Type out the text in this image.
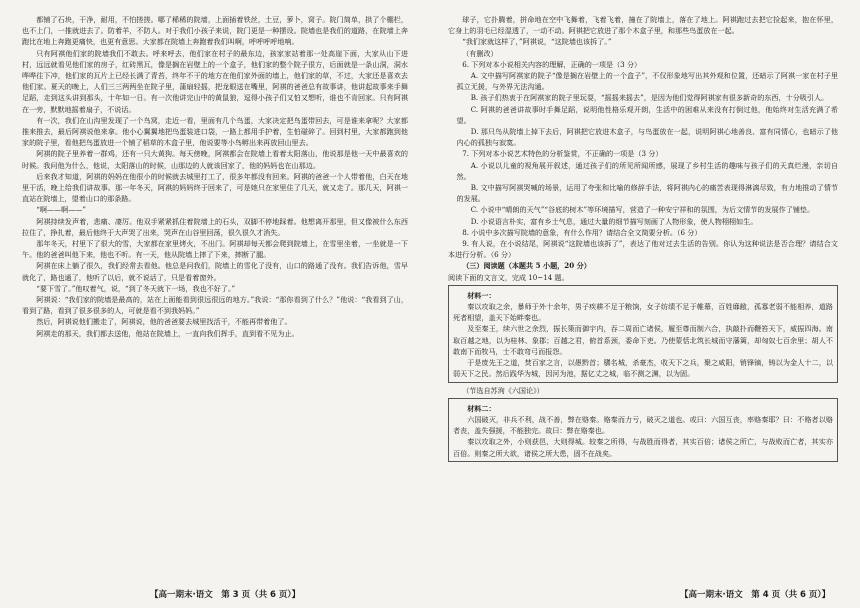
都铺了石块，干净，耐用，不怕搓搓。哪了稀稀的院墙，上面插着铁丝，土豆，萝卜，窝子。院门简单，拱了个棚栏，也不上门，一推就进去了。防着羊，不防人。对于我们小孩子来说，院门更是一种摆设。院墙也是我们的道路，在院墙上奔跑比在地上奔跑更痛快，也更有意思。大家都在院墙上奔跑着我们叫啊，呼呼呼呼地响。

只有阿祺他们家的院墙我们不敢去。呼来呼去，他们家在村子的最东边，孩家家站着那一处高崖下面，大家从山下进村，远远就看见他们家的房子，红砖黑瓦，像是搁在岩壁上的一个盒子，他们家的整个院子很方，后面就是一条山洞，洞水哗哗往下冲，他们家的瓦片上已经长满了青苔，终年不干的地方在他们家外面的墙上，他们家的草，不过，大家还是喜欢去他们家。夏天的晚上，人们三三两两坐在院子里，蒲扇轻摇，把龙眼送在嘴里，阿祺的爸爸总有故事讲，他讲起故事来手舞足蹈，走到这头讲到那头，十年如一日。有一次他讲完山中的黄鼠狼，逗得小孩子们又怕又想听，谁也不肯回家。只有阿祺在一旁，默默地摇着扇子，不说话。

有一次，我们在山沟里发现了一个鸟窝，走近一看，里面有几个鸟蛋，大家决定把鸟蛋带回去，可是谁来拿呢？大家都推来推去，最后阿祺说他来拿。他小心翼翼地把鸟蛋装进口袋，一路上都用手护着，生怕碰碎了。回到村里，大家都跑到他家的院子里，看他把鸟蛋放进一个铺了稻草的木盒子里，他说要等小鸟孵出来再放回山里去。

阿祺的院子里养着一群鸡，还有一只大黄狗。每天傍晚，阿祺都会在院墙上看着太阳落山，他说那是他一天中最喜欢的时候。我问他为什么，他说，太阳落山的时候，山那边的人就该回家了，他的妈妈也在山那边。

后来我才知道，阿祺的妈妈在他很小的时候就去城里打工了，很多年都没有回来。阿祺的爸爸一个人带着他，白天在地里干活，晚上给我们讲故事。那一年冬天，阿祺的妈妈终于回来了，可是她只在家里住了几天，就又走了。那几天，阿祺一直站在院墙上，望着山口的那条路。

“啊——啊——”

阿祺持续发声着，悲痛、凄厉。他双手紧紧抓住着院墙上的石头，双脚不停地踩着。他想离开那里，但又像被什么东西拉住了，挣扎着，最后他终于大声哭了出来，哭声在山谷里回荡，很久很久才消失。

那年冬天，村里下了很大的雪，大家都在家里烤火，不出门。阿祺却每天都会爬到院墙上，在雪里坐着，一坐就是一下午。他的爸爸叫他下来，他也不听。有一天，他从院墙上摔了下来，摔断了腿。

阿祺在床上躺了很久，我们经常去看他。他总是问我们，院墙上的雪化了没有，山口的路通了没有。我们告诉他，雪早就化了，路也通了，他听了以后，就不说话了，只是看着窗外。

“要下雪了。”他叹着气，说，“到了冬天就下一场，我也不好了。”

阿祺说：“我们家的院墙是最高的，站在上面能看到很远很远的地方。”我说：“那你看到了什么？”他说：“我看到了山，看到了路，看到了很多很多的人，可就是看不到我妈妈。”

然后，阿祺说他们搬走了，阿祺说，他的爸爸要去城里找活干，不能再带着他了。

阿祺走的那天，我们都去送他，他站在院墙上，一直向我们挥手，直到看不见为止。

【高一期末·语文　第 3 页（共 6 页）】

球子，它扑腾着，拼命地在空中飞舞着，飞着飞着，撞在了院墙上，落在了地上。阿祺跑过去把它捡起来，抱在怀里，它身上的羽毛已经湿透了，一动不动。阿祺把它放进了那个木盒子里，和那些鸟蛋放在一起。

“我们家就这样了，”阿祺说，“这院墙也该拆了。”

（有删改）

6. 下列对本小说相关内容的理解，正确的一项是（3 分）

A. 文中描写阿祺家的院子“像是搁在岩壁上的一个盒子”，不仅形象地写出其外观和位置，还暗示了阿祺一家在村子里孤立无援，与外界无法沟通。

B. 孩子们热衷于在阿祺家的院子里玩耍，“摇摇来摇去”，是因为他们觉得阿祺家有很多新奇的东西，十分吸引人。

C. 阿祺的爸爸讲故事时手舞足蹈，说明他性格乐观开朗，生活中的困难从来没有打倒过他，他始终对生活充满了希望。

D. 那只鸟从院墙上掉下去后，阿祺把它放进木盒子，与鸟蛋放在一起，说明阿祺心地善良、富有同情心，也暗示了他内心的孤独与寂寞。

7. 下列对本小说艺术特色的分析鉴赏，不正确的一项是（3 分）

A. 小说以儿童的视角展开叙述，通过孩子们的所见所闻所感，展现了乡村生活的趣味与孩子们的天真烂漫，亲切自然。

B. 文中描写阿祺哭喊的场景，运用了夸张和比喻的修辞手法，将阿祺内心的痛苦表现得淋漓尽致，有力地推动了情节的发展。

C. 小说中“晴朗的天气”“谷底的树木”等环境描写，营造了一种安宁祥和的氛围，为后文情节的发展作了铺垫。

D. 小说语言朴实，富有乡土气息，通过大量的细节描写刻画了人物形象，使人物栩栩如生。

8. 小说中多次描写院墙的意象，有什么作用？请结合全文简要分析。（6 分）

9. 有人说，在小说结尾，阿祺说“这院墙也该拆了”，表达了他对过去生活的告别。你认为这种说法是否合理？请结合文本进行分析。（6 分）

（三）阅读题（本题共 5 小题，20 分）

阅读下面的文言文，完成 10~14 题。

材料一：

秦以攻取之余，暴师于外十余年，男子疾耕不足于粮饷，女子纺绩不足于帷幕，百姓靡敝，孤寡老弱不能相养，道路死者相望，盖天下始畔秦也。

及至秦王，续六世之余烈，振长策而御宇内，吞二周而亡诸侯，履至尊而制六合，执敲扑而鞭笞天下，威振四海。南取百越之地，以为桂林、象郡；百越之君，俯首系颈，委命下吏。乃使蒙恬北筑长城而守藩篱，却匈奴七百余里；胡人不敢南下而牧马，士不敢弯弓而报怨。

于是废先王之道，焚百家之言，以愚黔首；隳名城，杀豪杰，收天下之兵，聚之咸阳，销锋镝，铸以为金人十二，以弱天下之民。然后践华为城，因河为池，据亿丈之城，临不测之渊，以为固。

（节选自苏洵《六国论》）

材料二：

六国破灭，非兵不利，战不善，弊在赂秦。赂秦而力亏，破灭之道也。或曰：六国互丧，率赂秦耶？曰：不赂者以赂者丧，盖失强援，不能独完。故曰：弊在赂秦也。

秦以攻取之外，小则获邑，大则得城。较秦之所得，与战胜而得者，其实百倍；诸侯之所亡，与战败而亡者，其实亦百倍。则秦之所大欲，诸侯之所大患，固不在战矣。

【高一期末·语文　第 4 页（共 6 页）】
